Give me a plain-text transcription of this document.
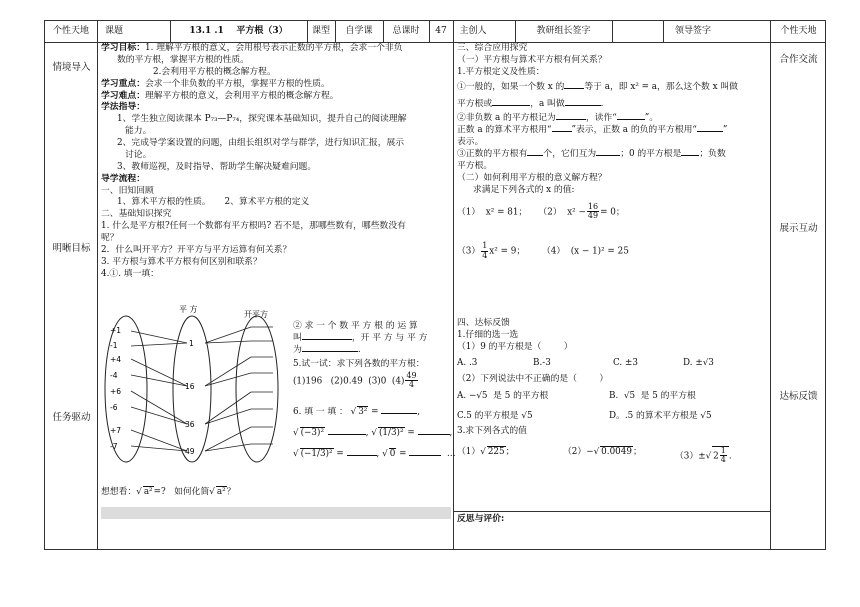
个性天地	课题	13.1 .1    平方根（3）	课型	自学课	总课时	47	主创人	教研组长签字	领导签字	个性天地
情境导入
明晰目标
任务驱动
合作交流
展示互动
达标反馈

学习目标：1. 理解平方根的意义，会用根号表示正数的平方根，会求一个非负

数的平方根，掌握平方根的性质。

2.会利用平方根的概念解方程。

学习重点：会求一个非负数的平方根，掌握平方根的性质。

学习难点：理解平方根的意义，会利用平方根的概念解方程。

学法指导：

1、学生独立阅读课本 P₇₃—P₇₄，探究课本基础知识，提升自己的阅读理解

能力。

2、完成导学案设置的问题，由组长组织对学与群学，进行知识汇报，展示

讨论。

3、教师巡视，及时指导、帮助学生解决疑难问题。

导学流程：

一、旧知回顾

1、算术平方根的性质。     2、算术平方根的定义

二、基础知识探究

1. 什么是平方根?任何一个数都有平方根吗? 若不是，那哪些数有，哪些数没有

呢？

2．什么叫开平方？开平方与平方运算有何关系？

3. 平方根与算术平方根有何区别和联系？

4.①. 填一填：

平 方
开平方
+1
-1
+4
-4
+6
-6
+7
-7
1
16
36
49

② 求 一 个 数 平 方 根 的 运 算

叫	，开 平 方 与 平 方

为	.

5.试一试：求下列各数的平方根：

(1)196   (2)0.49  (3)0  $(4) \frac{49}{4}$

6. 填 一 填 ： √ 3² =	,

√ (−3)²	, √ (1/3)² =	,

√ (−1/3)² =	, √ 0 =	…

想想看：√ a²=?   如何化简√ a²？

三、综合应用探究

（一）平方根与算术平方根有何关系？

1.平方根定义及性质：

①一般的，如果一个数 x 的 等于 a，即 x² = a，那么这个数 x 叫做

平方根或	，a 叫做	.

②非负数 a 的平方根记为	，读作“	”。

正数 a 的算术平方根用“ ”表示，正数 a 的负的平方根用“	”

表示。

③正数的平方根有 个，它们互为	；0 的平方根是 ；负数

平方根。

（二）如何利用平方根的意义解方程？

求满足下列各式的 x 的值:

（1）  x² = 81； （2）  $x^2 - \frac{16}{49} = 0$；

$(3) \frac{1}{4} x^2 = 9$； （4）  (x − 1)² = 25

四、达标反馈

1.仔细的选一选

（1）9 的平方根是（        ）

A. .3	B.-3	C. ±3	D. ±√3

（2）下列说法中不正确的是（        ）

A. −√5  是 5 的平方根	B.  √5  是 5 的平方根

C.5 的平方根是 √5	D。.5 的算术平方根是 √5

3.求下列各式的值

（1）√ 225；	（2）−√ 0.0049；	（3）±√ $2 \frac{1}{4}$ .

反思与评价:
